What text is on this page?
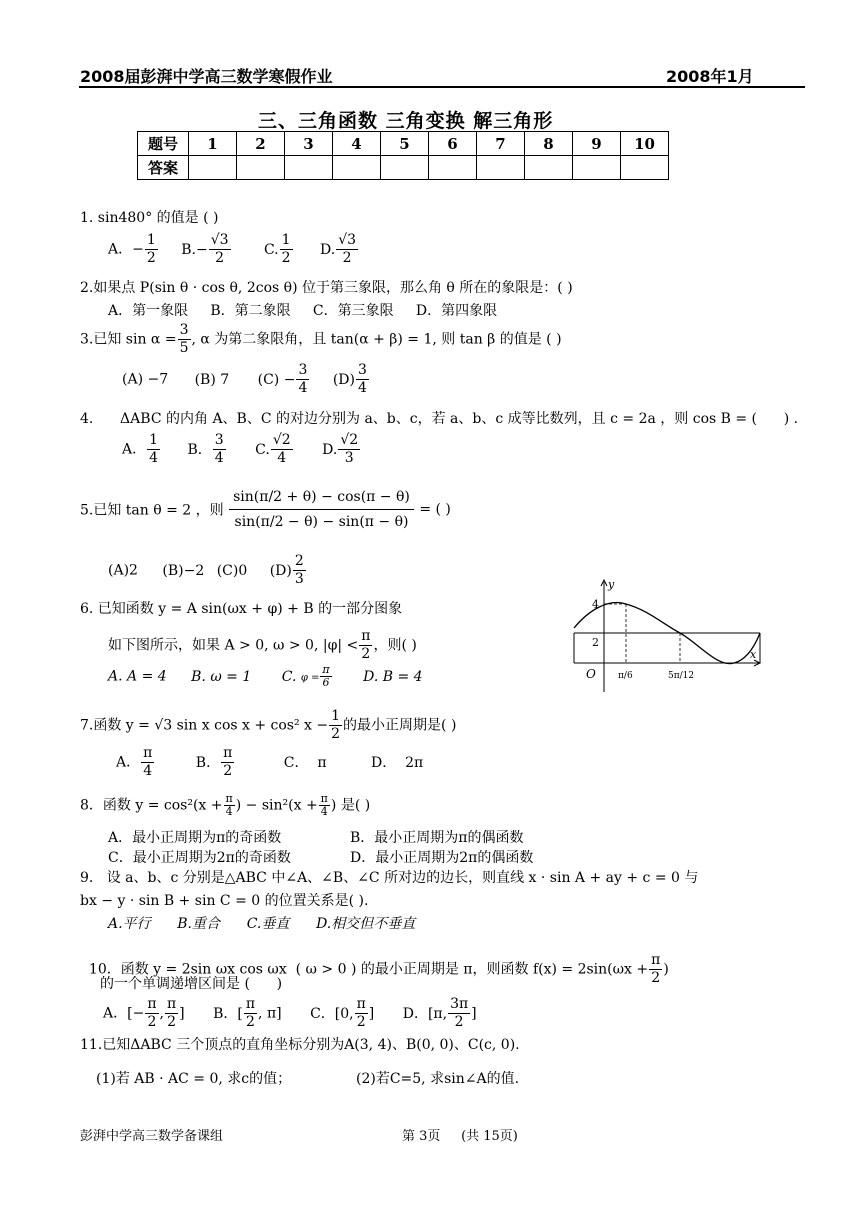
2008届彭湃中学高三数学寒假作业	2008年1月
三、三角函数 三角变换 解三角形
题号	1	2	3	4	5	6	7	8	9	10
答案										
1. sin480° 的值是 ( )
A．− $\frac{1}{2} B.- \frac{√3}{2} C$. $\frac{1}{2} D$. $\frac{√3}{2}$
2.如果点 P(sin θ · cos θ, 2cos θ) 位于第三象限，那么角 θ 所在的象限是：( )
A．第一象限     B．第二象限     C．第三象限     D．第四象限
3.已知 $\sin \alpha = \frac{3}{5}$ , α 为第二象限角，且 tan(α + β) = 1, 则 tan β 的值是 ( )
(A) −7 (B) 7 $(C) - \frac{3}{4} (D) \frac{3}{4}$
4.      ΔABC 的内角 A、B、C 的对边分别为 a、b、c，若 a、b、c 成等比数列，且 c = 2a ，则 cos B = (      ) .
A． $\frac{1}{4}$ B． $\frac{3}{4} C$. $\frac{√2}{4} D$. $\frac{√2}{3}$
5.已知 tan θ = 2 ，则 $\frac{\sin(\pi/2 + \theta) - \cos(\pi - \theta)}{\sin(\pi/2 - \theta) - \sin(\pi - \theta)}$ = ( )
(A)2 (B)−2 (C)0 $(D) \frac{2}{3}$
6. 已知函数 y = A sin(ωx + φ) + B 的一部分图象
如下图所示，如果 A > 0, ω > 0, $|\varphi| < \frac{\pi}{2}$ ，则( )
A. A = 4 B. ω = 1 C. $\varphi = \frac{\pi}{6} D$. B = 4
y
x
4
2
O π/6	5π/12
7.函数 y = √3 sin x cos x + cos² $x - \frac{1}{2}$ 的最小正周期是( )
A． $\frac{\pi}{4}$	B． $\frac{\pi}{2}$	C．  π	D．  2π
8．函数 $y = \cos^2(x + \frac{\pi}{4}$ ) − $\sin^2(x + \frac{\pi}{4}$ ) 是( )
A．最小正周期为π的奇函数	B．最小正周期为π的偶函数
C．最小正周期为2π的奇函数	D．最小正周期为2π的偶函数
9.   设 a、b、c 分别是△ABC 中∠A、∠B、∠C 所对边的边长，则直线 x · sin A + ay + c = 0 与
bx − y · sin B + sin C = 0 的位置关系是( ).
A.平行      B.重合      C.垂直      D.相交但不垂直

10．函数 y = 2sin ωx cos ωx  ( ω > 0 ) 的最小正周期是 π，则函数 $f(x) = 2\sin(\omega x + \frac{\pi}{2}$ )

的一个单调递增区间是 (      )
A．[− $\frac{\pi}{2}$ , $\frac{\pi}{2}$ ] B．[ $\frac{\pi}{2}$ , π] C．[0, $\frac{\pi}{2}$ ] D．[π, $\frac{3\pi}{2}$ ]
11.已知ΔABC 三个顶点的直角坐标分别为A(3, 4)、B(0, 0)、C(c, 0).
(1)若 AB · AC = 0, 求c的值；	(2)若C=5, 求sin∠A的值.
彭湃中学高三数学备课组	第 3页     (共 15页)
